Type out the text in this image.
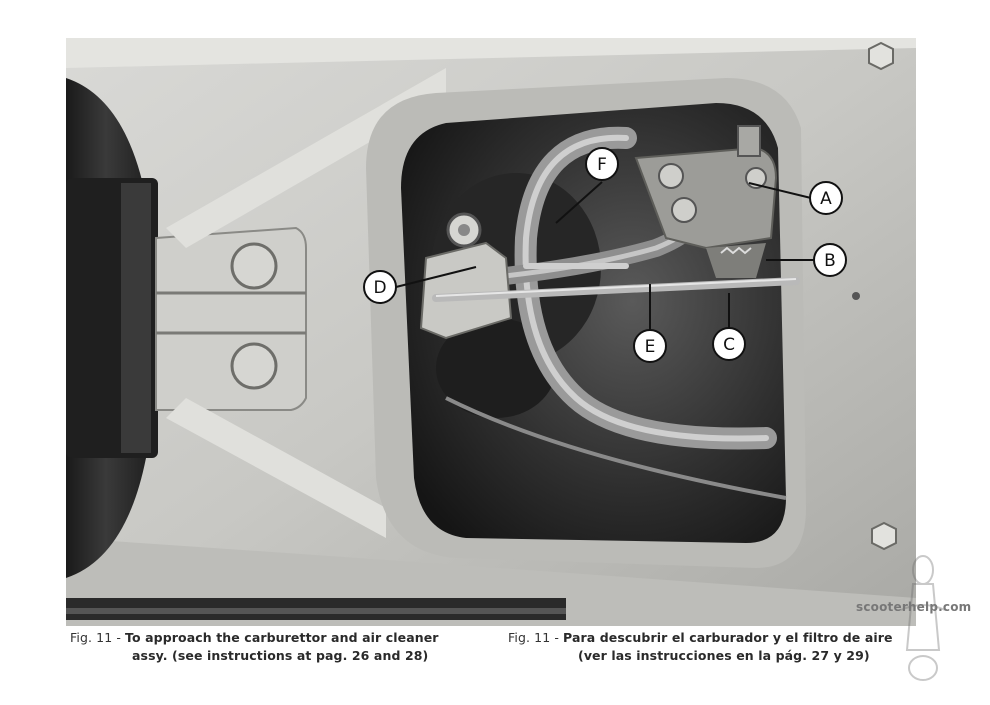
A
B
C
D
E
F
scooterhelp.com
Fig. 11 - To approach the carburettor and air cleaner
assy. (see instructions at pag. 26 and 28)
Fig. 11 - Para descubrir el carburador y el filtro de aire
(ver las instrucciones en la pág. 27 y 29)
